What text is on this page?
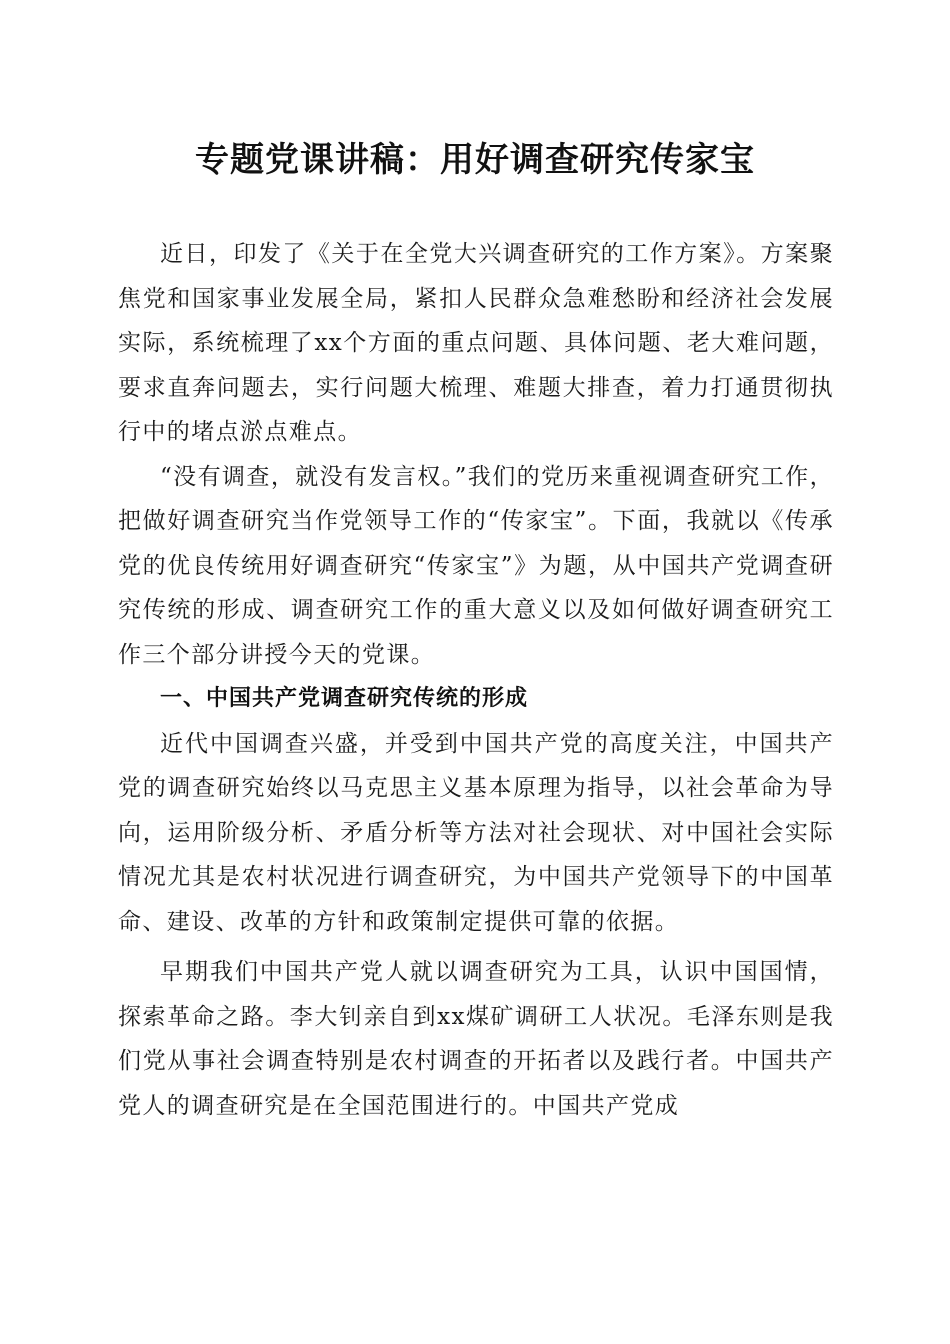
专题党课讲稿：用好调查研究传家宝

近日，印发了《关于在全党大兴调查研究的工作方案》。方案聚焦党和国家事业发展全局，紧扣人民群众急难愁盼和经济社会发展实际，系统梳理了xx个方面的重点问题、具体问题、老大难问题，要求直奔问题去，实行问题大梳理、难题大排查，着力打通贯彻执行中的堵点淤点难点。

“没有调查，就没有发言权。”我们的党历来重视调查研究工作，把做好调查研究当作党领导工作的“传家宝”。下面，我就以《传承党的优良传统用好调查研究“传家宝”》为题，从中国共产党调查研究传统的形成、调查研究工作的重大意义以及如何做好调查研究工作三个部分讲授今天的党课。

一、中国共产党调查研究传统的形成

近代中国调查兴盛，并受到中国共产党的高度关注，中国共产党的调查研究始终以马克思主义基本原理为指导，以社会革命为导向，运用阶级分析、矛盾分析等方法对社会现状、对中国社会实际情况尤其是农村状况进行调查研究，为中国共产党领导下的中国革命、建设、改革的方针和政策制定提供可靠的依据。

早期我们中国共产党人就以调查研究为工具，认识中国国情，探索革命之路。李大钊亲自到xx煤矿调研工人状况。毛泽东则是我们党从事社会调查特别是农村调查的开拓者以及践行者。中国共产党人的调查研究是在全国范围进行的。中国共产党成
